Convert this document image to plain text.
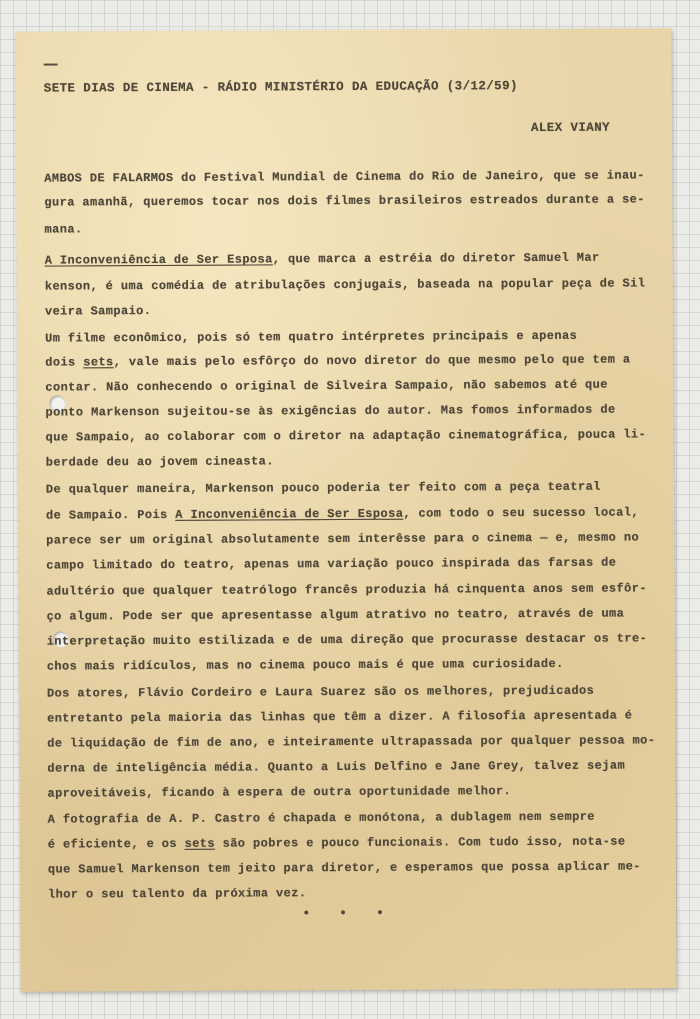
SETE DIAS DE CINEMA - RÁDIO MINISTÉRIO DA EDUCAÇÃO (3/12/59)
ALEX VIANY
AMBOS DE FALARMOS do Festival Mundial de Cinema do Rio de Janeiro, que se inau-
gura amanhã, queremos tocar nos dois filmes brasileiros estreados durante a se-
mana.
A Inconveniência de Ser Esposa, que marca a estréia do diretor Samuel Mar
kenson, é uma comédia de atribulações conjugais, baseada na popular peça de Sil
veira Sampaio.
Um filme econômico, pois só tem quatro intérpretes principais e apenas
dois sets, vale mais pelo esfôrço do novo diretor do que mesmo pelo que tem a
contar. Não conhecendo o original de Silveira Sampaio, não sabemos até que
ponto Markenson sujeitou-se às exigências do autor. Mas fomos informados de
que Sampaio, ao colaborar com o diretor na adaptação cinematográfica, pouca li-
berdade deu ao jovem cineasta.
De qualquer maneira, Markenson pouco poderia ter feito com a peça teatral
de Sampaio. Pois A Inconveniência de Ser Esposa, com todo o seu sucesso local,
parece ser um original absolutamente sem interêsse para o cinema — e, mesmo no
campo limitado do teatro, apenas uma variação pouco inspirada das farsas de
adultério que qualquer teatrólogo francês produzia há cinquenta anos sem esfôr-
ço algum. Pode ser que apresentasse algum atrativo no teatro, através de uma
interpretação muito estilizada e de uma direção que procurasse destacar os tre-
chos mais ridículos, mas no cinema pouco mais é que uma curiosidade.
Dos atores, Flávio Cordeiro e Laura Suarez são os melhores, prejudicados
entretanto pela maioria das linhas que têm a dizer. A filosofia apresentada é
de liquidação de fim de ano, e inteiramente ultrapassada por qualquer pessoa mo-
derna de inteligência média. Quanto a Luis Delfino e Jane Grey, talvez sejam
aproveitáveis, ficando à espera de outra oportunidade melhor.
A fotografia de A. P. Castro é chapada e monótona, a dublagem nem sempre
é eficiente, e os sets são pobres e pouco funcionais. Com tudo isso, nota-se
que Samuel Markenson tem jeito para diretor, e esperamos que possa aplicar me-
lhor o seu talento da próxima vez.
• • •
